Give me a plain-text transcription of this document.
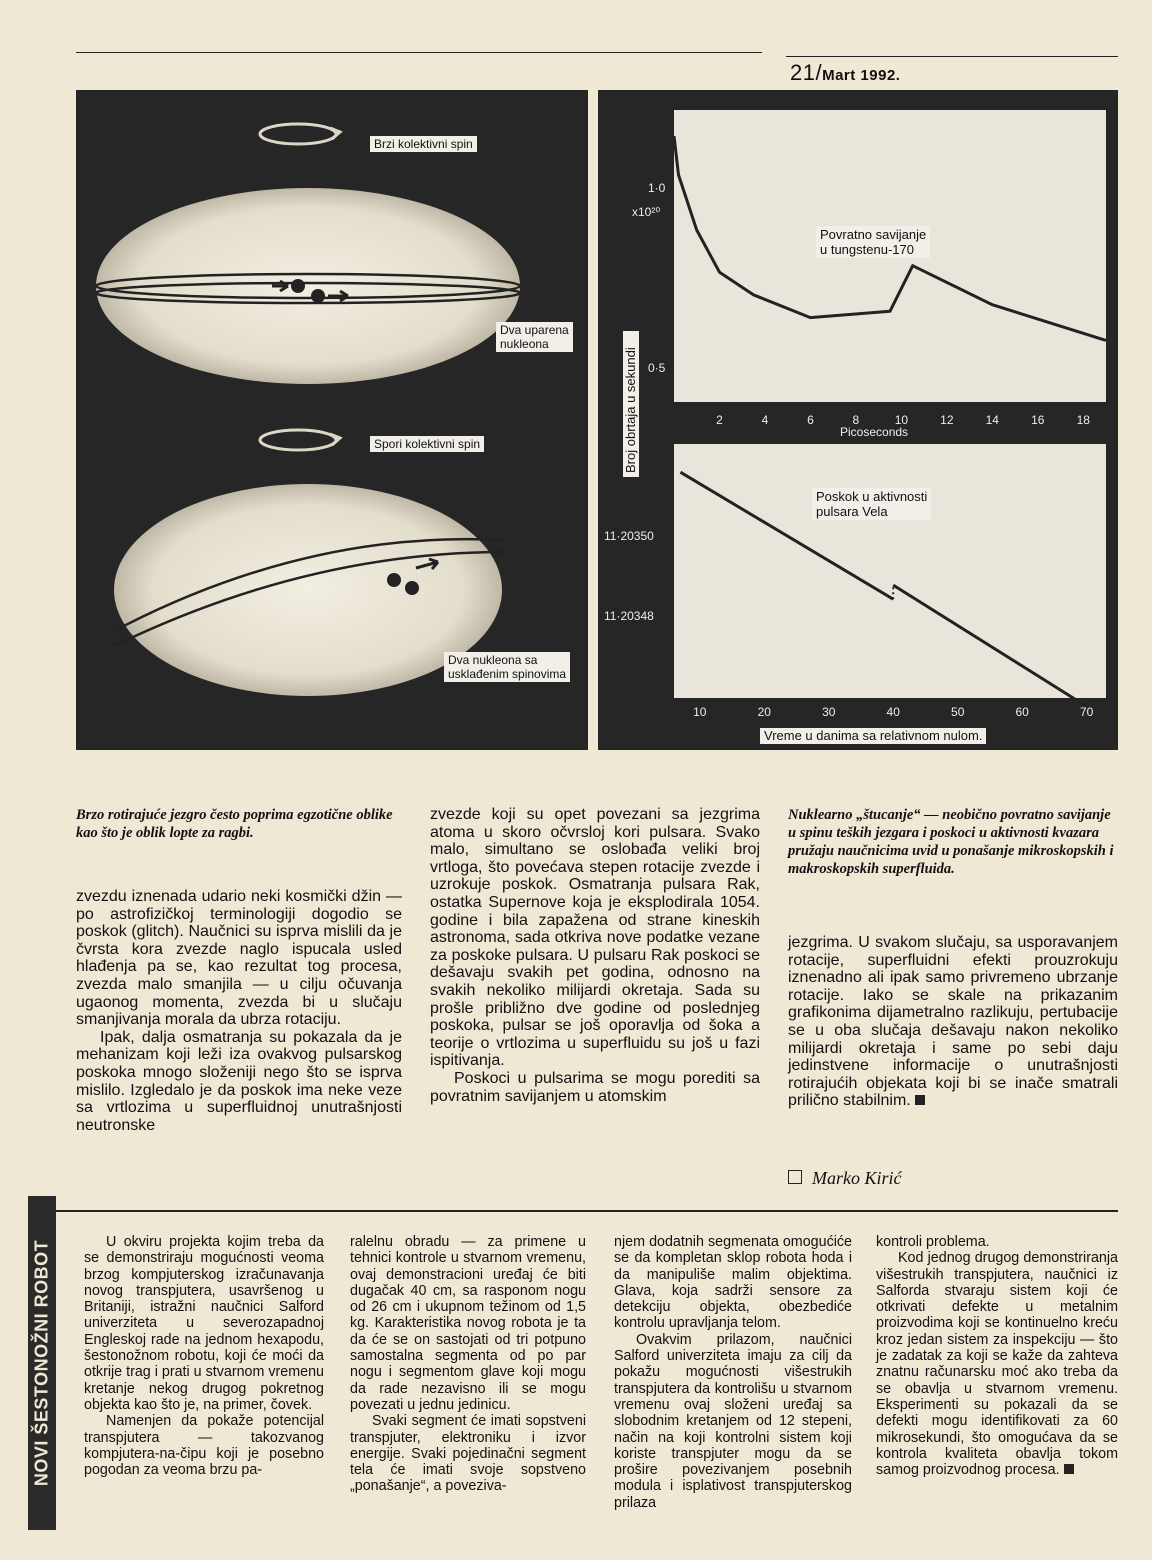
21/Mart 1992.
Brzi kolektivni spin
Dva uparena
nukleona
Spori kolektivni spin
Dva nukleona sa
usklađenim spinovima
2	4	6	8	10	12	14	16	18
10	20	30	40	50	60	70
1·0
x10²⁰
0·5
11·20350
11·20348
Povratno savijanje
u tungstenu-170
Picoseconds
Broj obrtaja u sekundi
Poskok u aktivnosti
pulsara Vela
Vreme u danima sa relativnom nulom.
Brzo rotirajuće jezgro često poprima egzotične oblike kao što je oblik lopte za ragbi.
Nuklearno „štucanje“ — neobično povratno savijanje u spinu teških jezgara i poskoci u aktivnosti kvazara pružaju naučnicima uvid u ponašanje mikroskopskih i makroskopskih superfluida.

zvezdu iznenada udario neki kosmički džin — po astrofizičkoj terminologiji dogodio se poskok (glitch). Naučnici su isprva mislili da je čvrsta kora zvezde naglo ispucala usled hlađenja pa se, kao rezultat tog procesa, zvezda malo smanjila — u cilju očuvanja ugaonog momenta, zvezda bi u slučaju smanjivanja morala da ubrza rotaciju.

Ipak, dalja osmatranja su pokazala da je mehanizam koji leži iza ovakvog pulsarskog poskoka mnogo složeniji nego što se isprva mislilo. Izgledalo je da poskok ima neke veze sa vrtlozima u superfluidnoj unutrašnjosti neutronske

zvezde koji su opet povezani sa jezgrima atoma u skoro očvrsloj kori pulsara. Svako malo, simultano se oslobađa veliki broj vrtloga, što povećava stepen rotacije zvezde i uzrokuje poskok. Osmatranja pulsara Rak, ostatka Supernove koja je eksplodirala 1054. godine i bila zapažena od strane kineskih astronoma, sada otkriva nove podatke vezane za poskoke pulsara. U pulsaru Rak poskoci se dešavaju svakih pet godina, odnosno na svakih nekoliko milijardi okretaja. Sada su prošle približno dve godine od poslednjeg poskoka, pulsar se još oporavlja od šoka a teorije o vrtlozima u superfluidu su još u fazi ispitivanja.

Poskoci u pulsarima se mogu porediti sa povratnim savijanjem u atomskim

jezgrima. U svakom slučaju, sa usporavanjem rotacije, superfluidni efekti prouzrokuju iznenadno ali ipak samo privremeno ubrzanje rotacije. Iako se skale na prikazanim grafikonima dijametralno razlikuju, pertubacije se u oba slučaja dešavaju nakon nekoliko milijardi okretaja i same po sebi daju jedinstvene informacije o unutrašnjosti rotirajućih objekata koji bi se inače smatrali prilično stabilnim.

Marko Kirić
NOVI ŠESTONOŽNI ROBOT	U okviru projekta kojim treba da se demonstriraju mogućnosti veoma brzog kompjuterskog izračunavanja novog transpjutera, usavršenog u Britaniji, istražni naučnici Salford univerziteta u severozapadnoj Engleskoj rade na jednom hexapodu, šestonožnom robotu, koji će moći da otkrije trag i prati u stvarnom vremenu kretanje nekog drugog pokretnog objekta kao što je, na primer, čovek.

Namenjen da pokaže potencijal transpjutera — takozvanog kompjutera-na-čipu koji je posebno pogodan za veoma brzu pa-

ralelnu obradu — za primene u tehnici kontrole u stvarnom vremenu, ovaj demonstracioni uređaj će biti dugačak 40 cm, sa rasponom nogu od 26 cm i ukupnom težinom od 1,5 kg. Karakteristika novog robota je ta da će se on sastojati od tri potpuno samostalna segmenta od po par nogu i segmentom glave koji mogu da rade nezavisno ili se mogu povezati u jednu jedinicu.

Svaki segment će imati sopstveni transpjuter, elektroniku i izvor energije. Svaki pojedinačni segment tela će imati svoje sopstveno „ponašanje“, a poveziva-

njem dodatnih segmenata omogućiće se da kompletan sklop robota hoda i da manipuliše malim objektima. Glava, koja sadrži sensore za detekciju objekta, obezbediće kontrolu upravljanja telom.

Ovakvim prilazom, naučnici Salford univerziteta imaju za cilj da pokažu mogućnosti višestrukih transpjutera da kontrolišu u stvarnom vremenu ovaj složeni uređaj sa slobodnim kretanjem od 12 stepeni, način na koji kontrolni sistem koji koriste transpjuter mogu da se prošire povezivanjem posebnih modula i isplativost transpjuterskog prilaza

kontroli problema.

Kod jednog drugog demonstriranja višestrukih transpjutera, naučnici iz Salforda stvaraju sistem koji će otkrivati defekte u metalnim proizvodima koji se kontinuelno kreću kroz jedan sistem za inspekciju — što je zadatak za koji se kaže da zahteva znatnu računarsku moć ako treba da se obavlja u stvarnom vremenu. Eksperimenti su pokazali da se defekti mogu identifikovati za 60 mikrosekundi, što omogućava da se kontrola kvaliteta obavlja tokom samog proizvodnog procesa.
